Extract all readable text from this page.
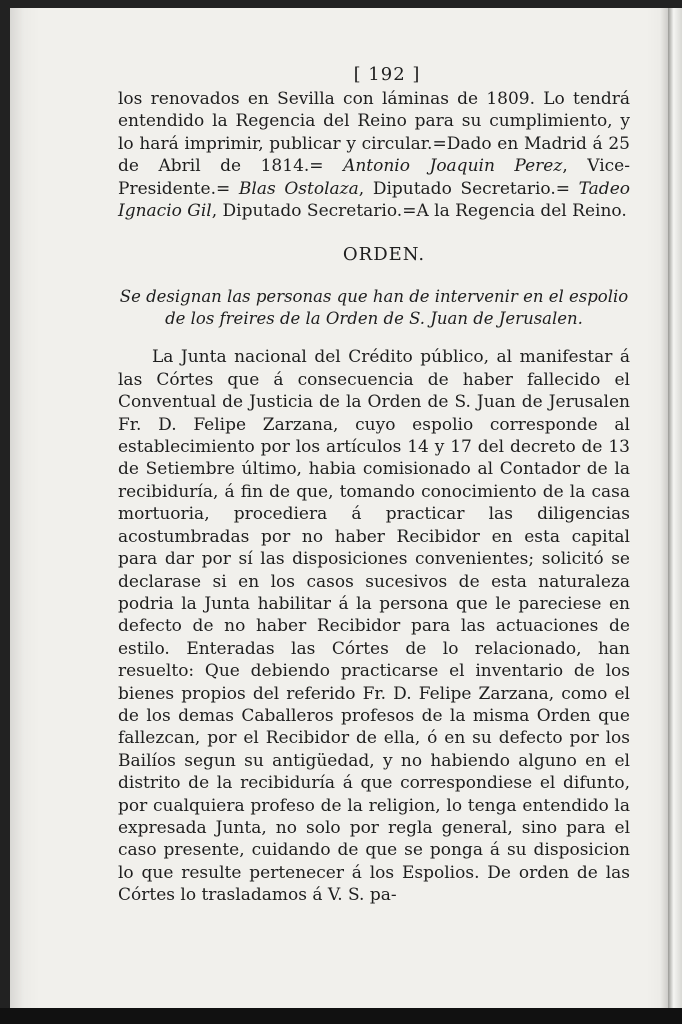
[ 192 ]

los renovados en Sevilla con láminas de 1809. Lo tendrá entendido la Regencia del Reino para su cumplimiento, y lo hará imprimir, publicar y circular.=Dado en Madrid á 25 de Abril de 1814.= Antonio Joaquin Perez, Vice-Presidente.= Blas Ostolaza, Diputado Secretario.= Tadeo Ignacio Gil, Diputado Secretario.=A la Regencia del Reino.

ORDEN.

Se designan las personas que han de intervenir en el espolio de los freires de la Orden de S. Juan de Jerusalen.

La Junta nacional del Crédito público, al manifestar á las Córtes que á consecuencia de haber fallecido el Conventual de Justicia de la Orden de S. Juan de Jerusalen Fr. D. Felipe Zarzana, cuyo espolio corresponde al establecimiento por los artículos 14 y 17 del decreto de 13 de Setiembre último, habia comisionado al Contador de la recibiduría, á fin de que, tomando conocimiento de la casa mortuoria, procediera á practicar las diligencias acostumbradas por no haber Recibidor en esta capital para dar por sí las disposiciones convenientes; solicitó se declarase si en los casos sucesivos de esta naturaleza podria la Junta habilitar á la persona que le pareciese en defecto de no haber Recibidor para las actuaciones de estilo. Enteradas las Córtes de lo relacionado, han resuelto: Que debiendo practicarse el inventario de los bienes propios del referido Fr. D. Felipe Zarzana, como el de los demas Caballeros profesos de la misma Orden que fallezcan, por el Recibidor de ella, ó en su defecto por los Bailíos segun su antigüedad, y no habiendo alguno en el distrito de la recibiduría á que correspondiese el difunto, por cualquiera profeso de la religion, lo tenga entendido la expresada Junta, no solo por regla general, sino para el caso presente, cuidando de que se ponga á su disposicion lo que resulte pertenecer á los Espolios. De orden de las Córtes lo trasladamos á V. S. pa-
